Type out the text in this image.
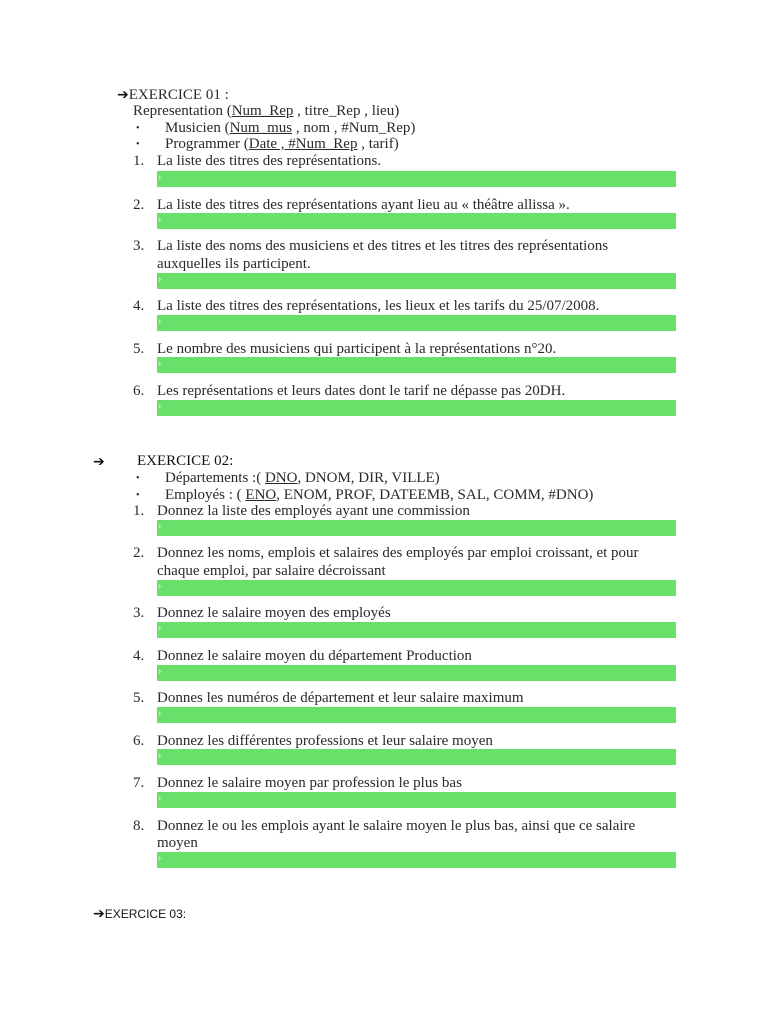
➔EXERCICE 01 :
Representation (Num_Rep , titre_Rep , lieu)
• Musicien (Num_mus , nom , #Num_Rep)
• Programmer (Date , #Num_Rep , tarif)
1. La liste des titres des représentations.
›
2. La liste des titres des représentations ayant lieu au « théâtre allissa ».
›
3. La liste des noms des musiciens et des titres et les titres des représentations
auxquelles ils participent.
›
4. La liste des titres des représentations, les lieux et les tarifs du 25/07/2008.
›
5. Le nombre des musiciens qui participent à la représentations n°20.
›
6. Les représentations et leurs dates dont le tarif ne dépasse pas 20DH.
›
➔ EXERCICE 02:
• Départements :( DNO, DNOM, DIR, VILLE)
• Employés : ( ENO, ENOM, PROF, DATEEMB, SAL, COMM, #DNO)
1. Donnez la liste des employés ayant une commission
›
2. Donnez les noms, emplois et salaires des employés par emploi croissant, et pour
chaque emploi, par salaire décroissant
›
3. Donnez le salaire moyen des employés
›
4. Donnez le salaire moyen du département Production
›
5. Donnes les numéros de département et leur salaire maximum
›
6. Donnez les différentes professions et leur salaire moyen
›
7. Donnez le salaire moyen par profession le plus bas
›
8. Donnez le ou les emplois ayant le salaire moyen le plus bas, ainsi que ce salaire
moyen
›
➔EXERCICE 03:
